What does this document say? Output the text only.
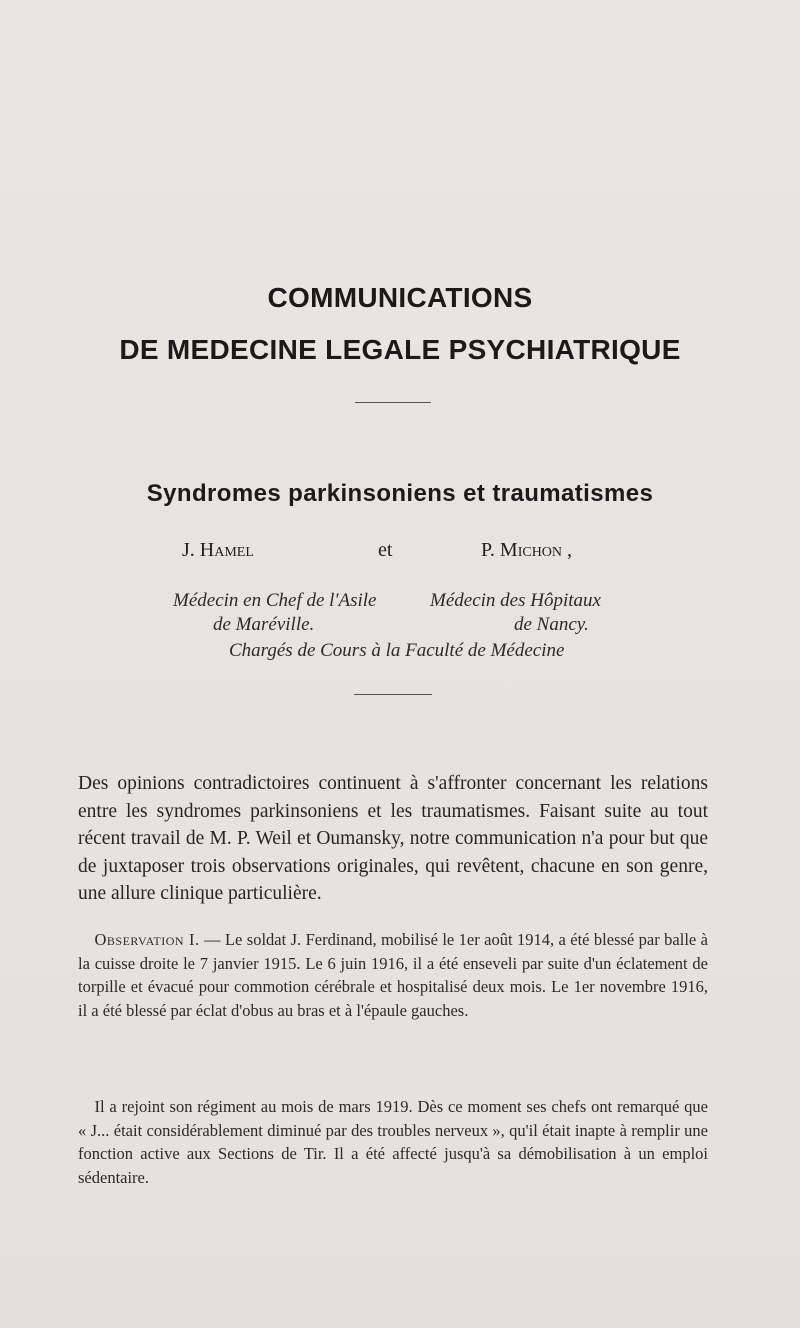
COMMUNICATIONS
DE MEDECINE LEGALE PSYCHIATRIQUE
Syndromes parkinsoniens et traumatismes
J. Hamel	et	P. Michon ,
Médecin en Chef de l'Asile
de Maréville.
Médecin des Hôpitaux
de Nancy.
Chargés de Cours à la Faculté de Médecine

Des opinions contradictoires continuent à s'affronter concernant les relations entre les syndromes parkinsoniens et les traumatismes. Faisant suite au tout récent travail de M. P. Weil et Oumansky, notre communication n'a pour but que de juxtaposer trois observations originales, qui revêtent, chacune en son genre, une allure clinique particulière.

Observation I. — Le soldat J. Ferdinand, mobilisé le 1er août 1914, a été blessé par balle à la cuisse droite le 7 janvier 1915. Le 6 juin 1916, il a été enseveli par suite d'un éclatement de torpille et évacué pour commotion cérébrale et hospitalisé deux mois. Le 1er novembre 1916, il a été blessé par éclat d'obus au bras et à l'épaule gauches.

Il a rejoint son régiment au mois de mars 1919. Dès ce moment ses chefs ont remarqué que « J... était considérablement diminué par des troubles nerveux », qu'il était inapte à remplir une fonction active aux Sections de Tir. Il a été affecté jusqu'à sa démobilisation à un emploi sédentaire.
